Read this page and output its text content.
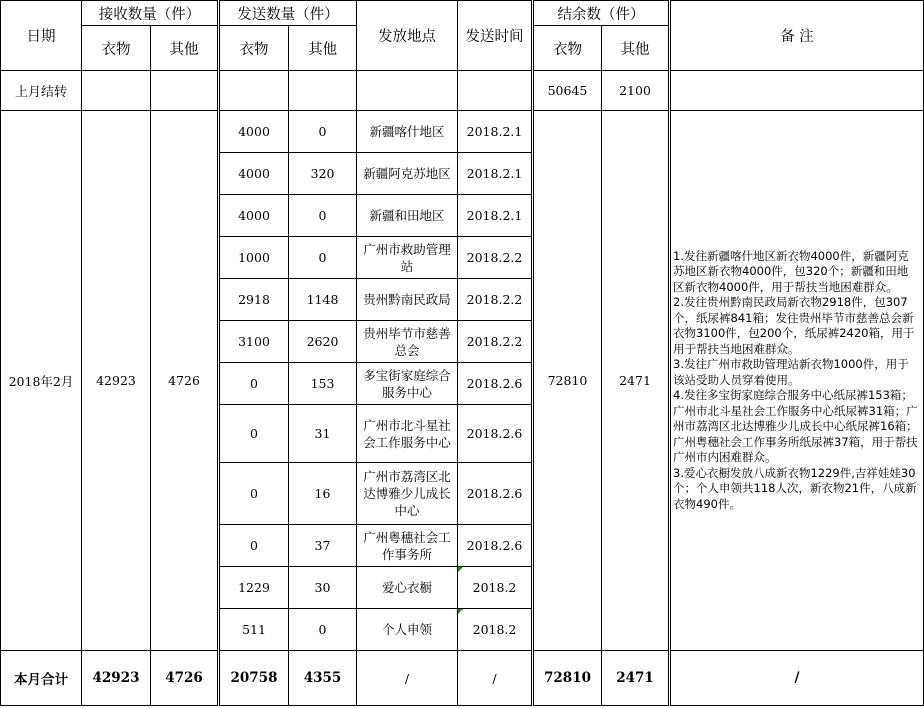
日期	接收数量（件）		发送数量（件）		发放地点	发送时间	结余数（件）		备 注
	衣物	其他	衣物	其他			衣物	其他	
上月结转							50645	2100	
2018年2月	42923	4726	4000	0	新疆喀什地区	2018.2.1	72810	2471	1.发往新疆喀什地区新衣物4000件，新疆阿克苏地区新衣物4000件，包320个；新疆和田地区新衣物4000件，用于帮扶当地困难群众。
2.发往贵州黔南民政局新衣物2918件，包307个，纸尿裤841箱；发往贵州毕节市慈善总会新衣物3100件，包200个，纸尿裤2420箱，用于用于帮扶当地困难群众。
3.发往广州市救助管理站新衣物1000件，用于该站受助人员穿着使用。
4.发往多宝街家庭综合服务中心纸尿裤153箱；广州市北斗星社会工作服务中心纸尿裤31箱；广州市荔湾区北达博雅少儿成长中心纸尿裤16箱；广州粤穗社会工作事务所纸尿裤37箱，用于帮扶广州市内困难群众。
3.爱心衣橱发放八成新衣物1229件,吉祥娃娃30个；个人申领共118人次，新衣物21件，八成新衣物490件。

			4000	320	新疆阿克苏地区	2018.2.1			
			4000	0	新疆和田地区	2018.2.1			
			1000	0	广州市救助管理站	2018.2.2			
			2918	1148	贵州黔南民政局	2018.2.2			
			3100	2620	贵州毕节市慈善总会	2018.2.2			
			0	153	多宝街家庭综合服务中心	2018.2.6			
			0	31	广州市北斗星社会工作服务中心	2018.2.6			
			0	16	广州市荔湾区北达博雅少儿成长中心	2018.2.6			
			0	37	广州粤穗社会工作事务所	2018.2.6			
			1229	30	爱心衣橱	2018.2			
			511	0	个人申领	2018.2			
本月合计	42923	4726	20758	4355	/	/	72810	2471	/
